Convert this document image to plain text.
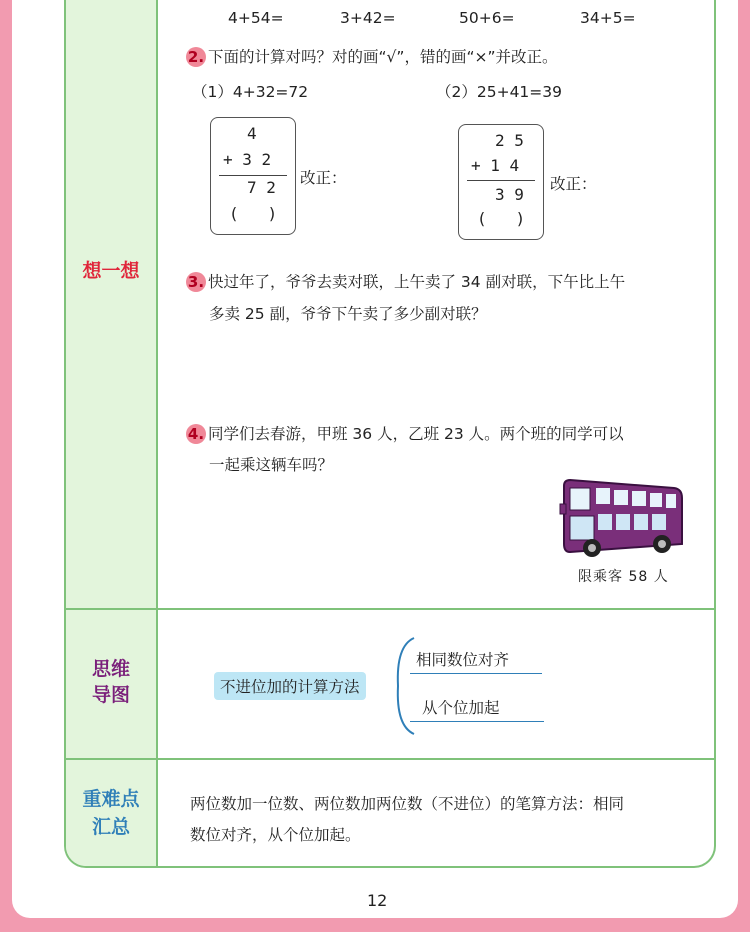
想一想
思维
导图
重难点
汇总
4+54=	3+42=	50+6=	34+5=
2. 下面的计算对吗？对的画“√”，错的画“×”并改正。
（1）4+32=72	（2）25+41=39
4
+ 3 2
7 2
(   )
改正：
2 5
+ 1 4
3 9
(   )
改正：
3. 快过年了，爷爷去卖对联，上午卖了 34 副对联，下午比上午
多卖 25 副，爷爷下午卖了多少副对联？
4. 同学们去春游，甲班 36 人，乙班 23 人。两个班的同学可以
一起乘这辆车吗？
限乘客 58 人
不进位加的计算方法
相同数位对齐
从个位加起
两位数加一位数、两位数加两位数（不进位）的笔算方法：相同
数位对齐，从个位加起。
12
